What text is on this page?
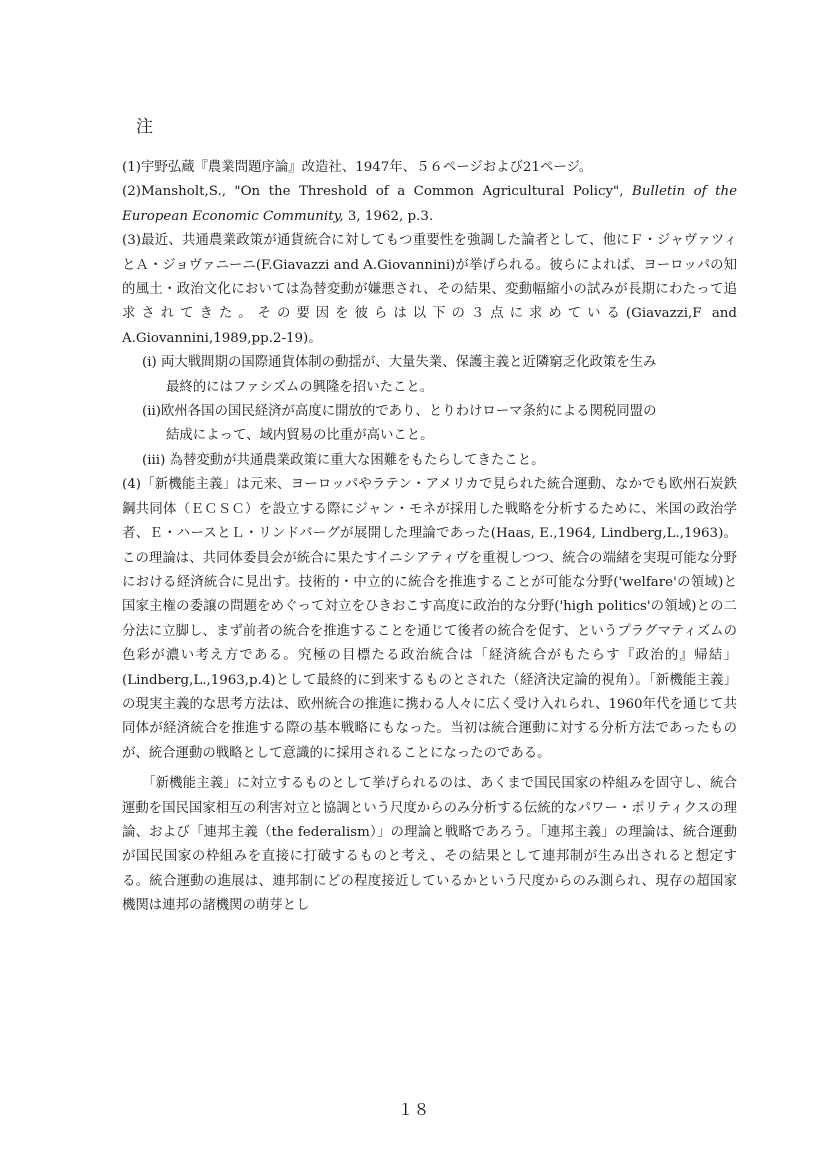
注

(1)宇野弘蔵『農業問題序論』改造社、1947年、５６ページおよび21ページ。

(2)Mansholt,S., "On the Threshold of a Common Agricultural Policy", Bulletin of the European Economic Community, 3, 1962, p.3.

(3)最近、共通農業政策が通貨統合に対してもつ重要性を強調した論者として、他にＦ・ジャヴァツィとＡ・ジョヴァニーニ(F.Giavazzi and A.Giovannini)が挙げられる。彼らによれば、ヨーロッパの知的風土・政治文化においては為替変動が嫌悪され、その結果、変動幅縮小の試みが長期にわたって追求されてきた。その要因を彼らは以下の３点に求めている(Giavazzi,F and A.Giovannini,1989,pp.2-19)。

(i) 両大戦間期の国際通貨体制の動揺が、大量失業、保護主義と近隣窮乏化政策を生み

最終的にはファシズムの興隆を招いたこと。

(ii)欧州各国の国民経済が高度に開放的であり、とりわけローマ条約による関税同盟の

結成によって、域内貿易の比重が高いこと。

(iii) 為替変動が共通農業政策に重大な困難をもたらしてきたこと。

(4)「新機能主義」は元来、ヨーロッパやラテン・アメリカで見られた統合運動、なかでも欧州石炭鉄鋼共同体（ＥＣＳＣ）を設立する際にジャン・モネが採用した戦略を分析するために、米国の政治学者、Ｅ・ハースとＬ・リンドバーグが展開した理論であった(Haas, E.,1964, Lindberg,L.,1963)。この理論は、共同体委員会が統合に果たすイニシアティヴを重視しつつ、統合の端緒を実現可能な分野における経済統合に見出す。技術的・中立的に統合を推進することが可能な分野('welfare'の領域)と国家主権の委譲の問題をめぐって対立をひきおこす高度に政治的な分野('high politics'の領域)との二分法に立脚し、まず前者の統合を推進することを通じて後者の統合を促す、というプラグマティズムの色彩が濃い考え方である。究極の目標たる政治統合は「経済統合がもたらす『政治的』帰結」(Lindberg,L.,1963,p.4)として最終的に到来するものとされた（経済決定論的視角）。「新機能主義」の現実主義的な思考方法は、欧州統合の推進に携わる人々に広く受け入れられ、1960年代を通じて共同体が経済統合を推進する際の基本戦略にもなった。当初は統合運動に対する分析方法であったものが、統合運動の戦略として意識的に採用されることになったのである。

「新機能主義」に対立するものとして挙げられるのは、あくまで国民国家の枠組みを固守し、統合運動を国民国家相互の利害対立と協調という尺度からのみ分析する伝統的なパワー・ポリティクスの理論、および「連邦主義（the federalism）」の理論と戦略であろう。「連邦主義」の理論は、統合運動が国民国家の枠組みを直接に打破するものと考え、その結果として連邦制が生み出されると想定する。統合運動の進展は、連邦制にどの程度接近しているかという尺度からのみ測られ、現存の超国家機関は連邦の諸機関の萌芽とし

１８
